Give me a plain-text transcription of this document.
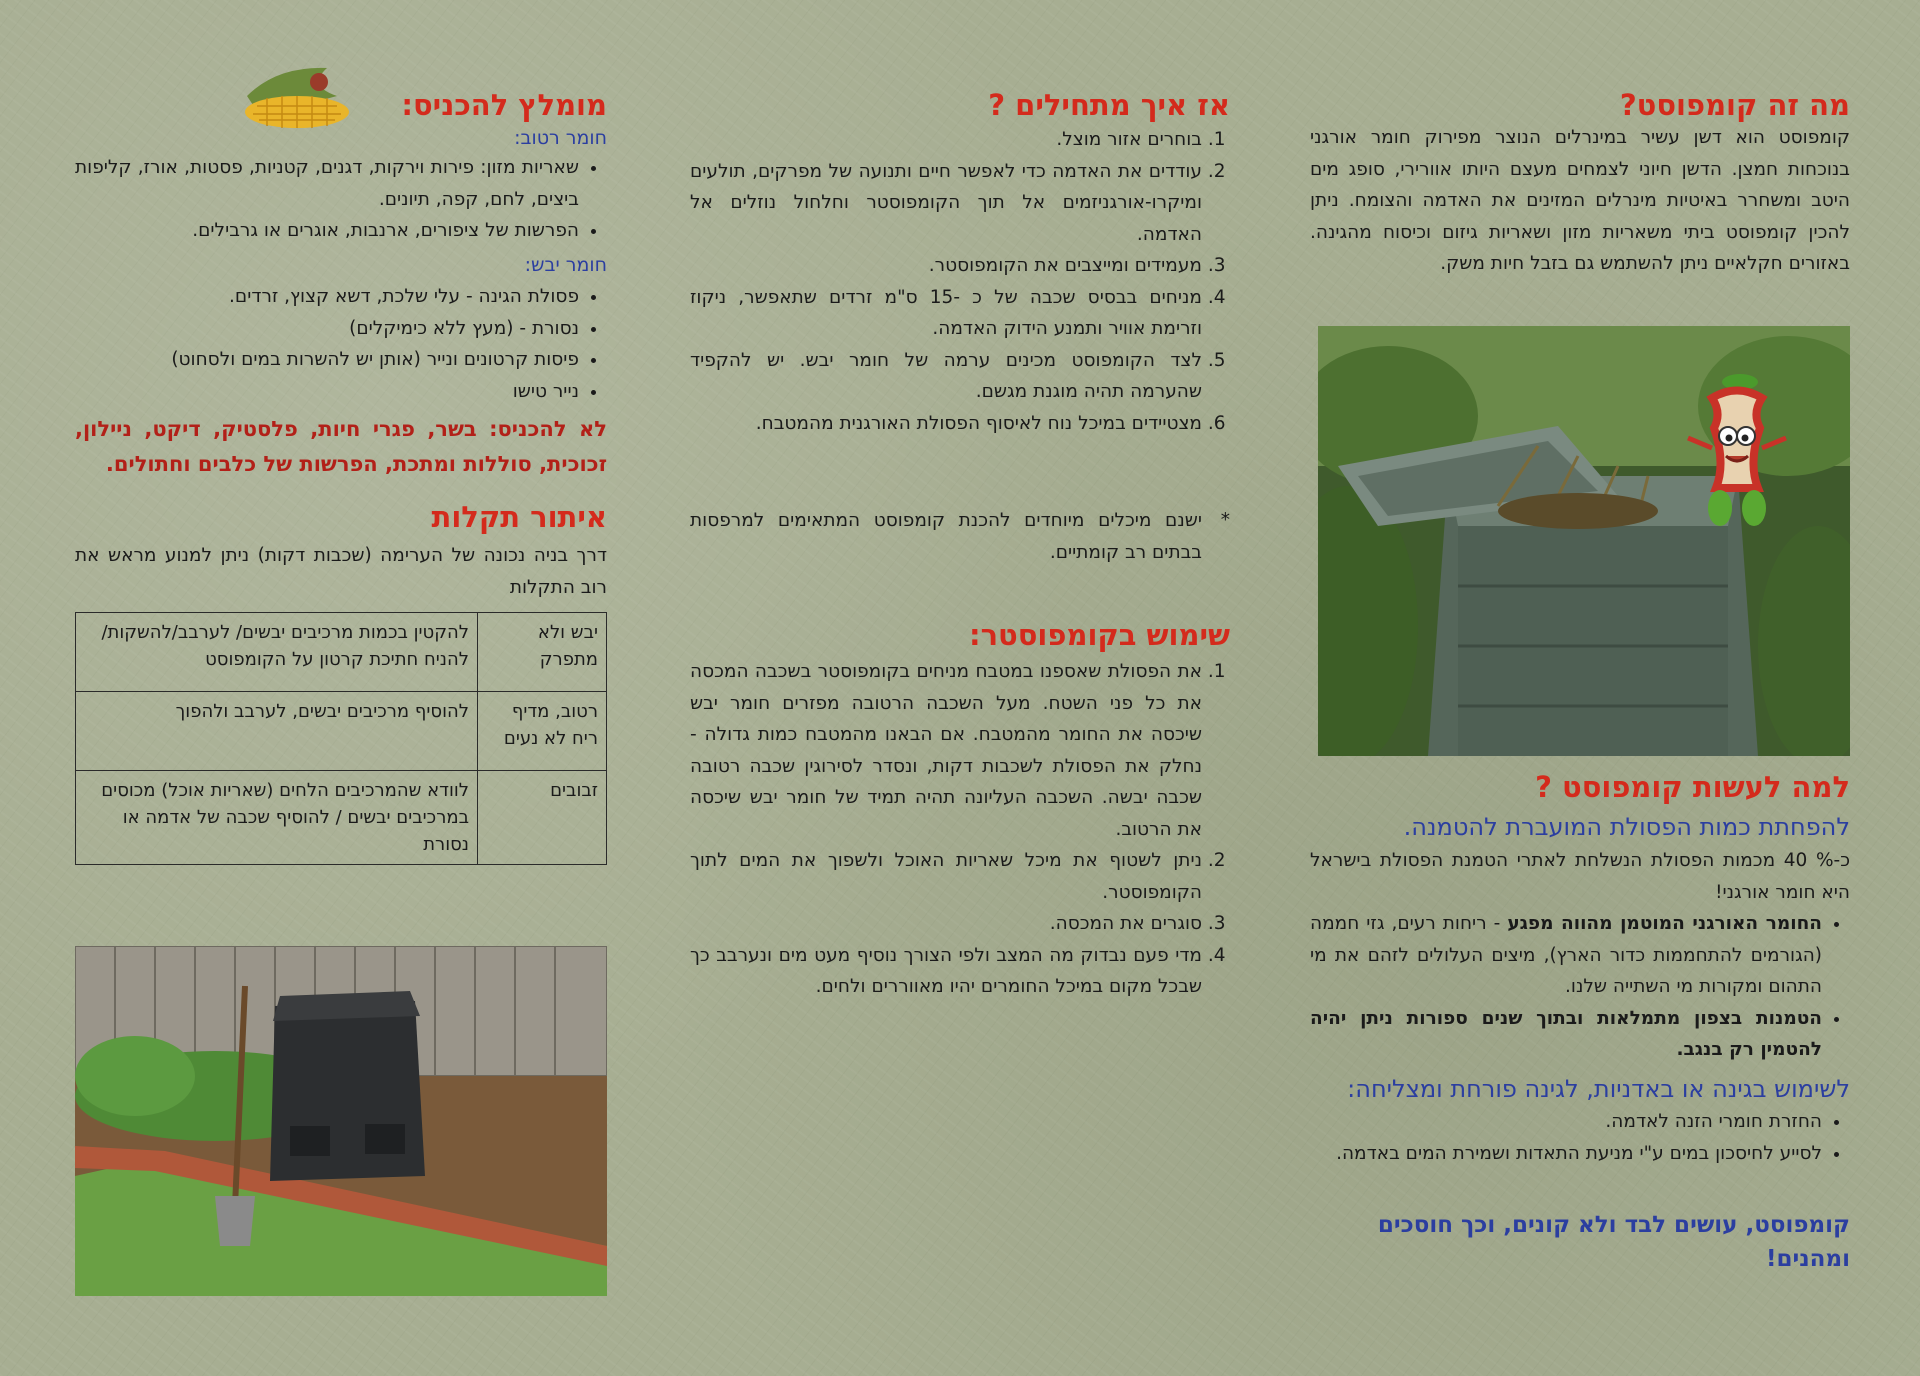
מה זה קומפוסט?

קומפוסט הוא דשן עשיר במינרלים הנוצר מפירוק חומר אורגני בנוכחות חמצן. הדשן חיוני לצמחים מעצם היותו אוורירי, סופג מים היטב ומשחרר באיטיות מינרלים המזינים את האדמה והצומח. ניתן להכין קומפוסט ביתי משאריות מזון ושאריות גיזום וכיסוח מהגינה. באזורים חקלאיים ניתן להשתמש גם בזבל חיות משק.

למה לעשות קומפוסט ?

להפחתת כמות הפסולת המועברת להטמנה.

כ-% 40 מכמות הפסולת הנשלחת לאתרי הטמנת הפסולת בישראל היא חומר אורגני!

• החומר האורגני המוטמן מהווה מפגע - ריחות רעים, גזי חממה (הגורמים להתחממות כדור הארץ), מיצים העלולים לזהם את מי התהום ומקורות מי השתייה שלנו.
• הטמנות בצפון מתמלאות ובתוך שנים ספורות ניתן יהיה להטמין רק בנגב.

לשימוש בגינה או באדניות, לגינה פורחת ומצליחה:

• החזרת חומרי הזנה לאדמה.
• לסייע לחיסכון במים ע"י מניעת התאדות ושמירת המים באדמה.

קומפוסט, עושים לבד ולא קונים, וכך חוסכים ומהנים!

אז איך מתחילים ?
1. בוחרים אזור מוצל.
2. עודדים את האדמה כדי לאפשר חיים ותנועה של מפרקים, תולעים ומיקרו-אורגניזמים אל תוך הקומפוסטר וחלחול נוזלים אל האדמה.
3. מעמידים ומייצבים את הקומפוסטר.
4. מניחים בבסיס שכבה של כ -15 ס"מ זרדים שתאפשר, ניקוז וזרימת אוויר ותמנע הידוק האדמה.
5. לצד הקומפוסט מכינים ערמה של חומר יבש. יש להקפיד שהערמה תהיה מוגנת מגשם.
6. מצטיידים במיכל נוח לאיסוף הפסולת האורגנית מהמטבח.
*

ישנם מיכלים מיוחדים להכנת קומפוסט המתאימים למרפסות בבתים רב קומתיים.

שימוש בקומפוסטר:
1. את הפסולת שאספנו במטבח מניחים בקומפוסטר בשכבה המכסה את כל פני השטח. מעל השכבה הרטובה מפזרים חומר יבש שיכסה את החומר מהמטבח. אם הבאנו מהמטבח כמות גדולה - נחלק את הפסולת לשכבות דקות, ונסדר לסירוגין שכבה רטובה שכבה יבשה. השכבה העליונה תהיה תמיד של חומר יבש שיכסה את הרטוב.
2. ניתן לשטוף את מיכל שאריות האוכל ולשפוך את המים לתוך הקומפוסטר.
3. סוגרים את המכסה.
4. מדי פעם נבדוק מה המצב ולפי הצורך נוסיף מעט מים ונערבב כך שבכל מקום במיכל החומרים יהיו מאווררים ולחים.
מומלץ להכניס:

חומר רטוב:

• שאריות מזון: פירות וירקות, דגנים, קטניות, פסטות, אורז, קליפות ביצים, לחם, קפה, תיונים.
• הפרשות של ציפורים, ארנבות, אוגרים או גרבילים.

חומר יבש:

• פסולת הגינה - עלי שלכת, דשא קצוץ, זרדים.
• נסורת - (מעץ ללא כימיקלים)
• פיסות קרטונים ונייר (אותן יש להשרות במים ולסחוט)
• נייר טישו

לא להכניס: בשר, פגרי חיות, פלסטיק, דיקט, ניילון, זכוכית, סוללות ומתכת, הפרשות של כלבים וחתולים.

איתור תקלות

דרך בניה נכונה של הערימה (שכבות דקות) ניתן למנוע מראש את רוב התקלות

יבש ולא מתפרק	להקטין בכמות מרכיבים יבשים/ לערבב/להשקות/ להניח חתיכת קרטון על הקומפוסט
רטוב, מדיף ריח לא נעים	להוסיף מרכיבים יבשים, לערבב ולהפוך
זבובים	לוודא שהמרכיבים הלחים (שאריות אוכל) מכוסים במרכיבים יבשים / להוסיף שכבה של אדמה או נסורת
